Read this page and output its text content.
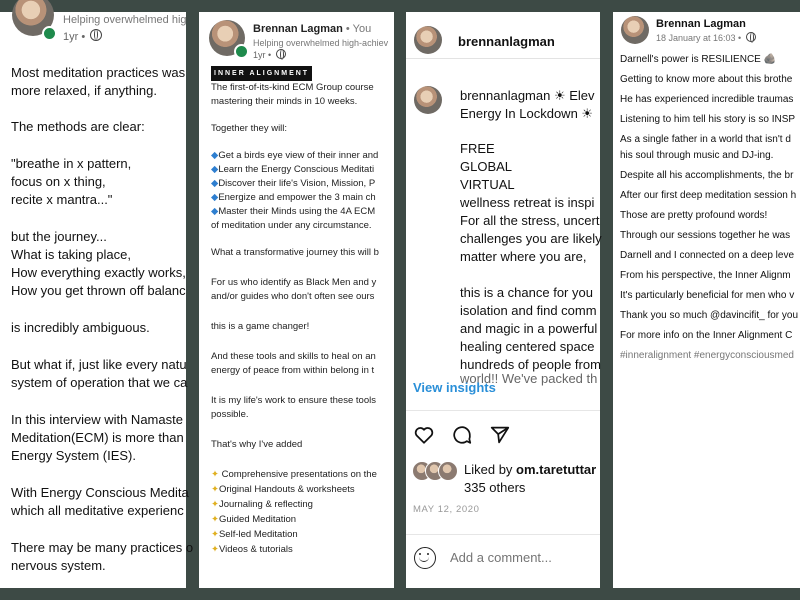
Helping overwhelmed hig
1yr •
Most meditation practices was
more relaxed, if anything.
The methods are clear:
"breathe in x pattern,
focus on x thing,
recite x mantra..."
but the journey...
What is taking place,
How everything exactly works,
How you get thrown off balanc
is incredibly ambiguous.
But what if, just like every natu
system of operation that we ca
In this interview with Namaste
Meditation(ECM) is more than
Energy System (IES).
With Energy Conscious Medita
which all meditative experienc
There may be many practices o
nervous system.
Brennan Lagman • You
Helping overwhelmed high-achiev
1yr •
INNER ALIGNMENT
The first-of-its-kind ECM Group course
mastering their minds in 10 weeks.
Together they will:
◆Get a birds eye view of their inner and
◆Learn the Energy Conscious Meditati
◆Discover their life's Vision, Mission, P
◆Energize and empower the 3 main ch
◆Master their Minds using the 4A ECM
of meditation under any circumstance.
What a transformative journey this will b
For us who identify as Black Men and y
and/or guides who don't often see ours
this is a game changer!
And these tools and skills to heal on an
energy of peace from within belong in t
It is my life's work to ensure these tools
possible.
That's why I've added
✦ Comprehensive presentations on the
✦Original Handouts & worksheets
✦Journaling & reflecting
✦Guided Meditation
✦Self-led Meditation
✦Videos & tutorials
brennanlagman
brennanlagman ☀ Elev
Energy In Lockdown ☀
FREE
GLOBAL
VIRTUAL
wellness retreat is inspi
For all the stress, uncert
challenges you are likely
matter where you are,
this is a chance for you
isolation and find comm
and magic in a powerful
healing centered space
hundreds of people from
world!! We've packed th
View insights
Liked by om.taretuttar
335 others
MAY 12, 2020
Add a comment...
Brennan Lagman
18 January at 16:03 •
Darnell's power is RESILIENCE 🪨
Getting to know more about this brothe
He has experienced incredible traumas
Listening to him tell his story is so INSP
As a single father in a world that isn't d
his soul through music and DJ-ing.
Despite all his accomplishments, the br
After our first deep meditation session h
Those are pretty profound words!
Through our sessions together he was
Darnell and I connected on a deep leve
From his perspective, the Inner Alignm
It's particularly beneficial for men who v
Thank you so much @davincifit_ for you
For more info on the Inner Alignment C
#inneralignment #energyconsciousmed
